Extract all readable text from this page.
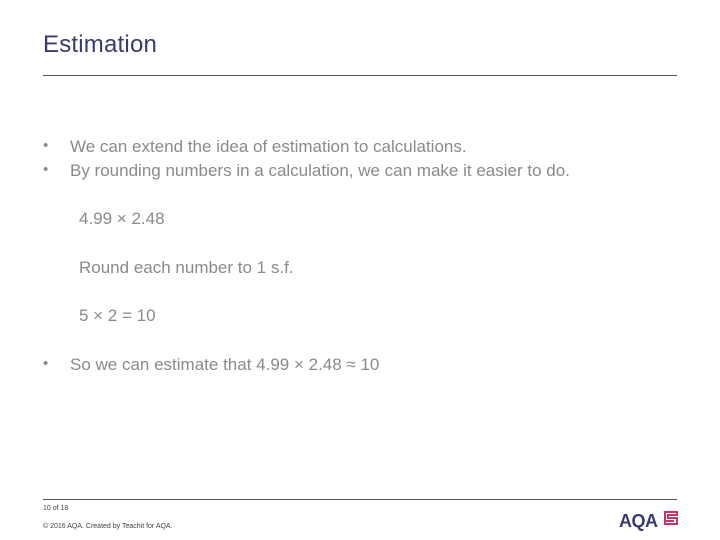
Estimation
• We can extend the idea of estimation to calculations.
• By rounding numbers in a calculation, we can make it easier to do.
4.99 × 2.48
Round each number to 1 s.f.
5 × 2 = 10
• So we can estimate that 4.99 × 2.48 ≈ 10
10 of 18
© 2016 AQA. Created by Teachit for AQA.	AQA
